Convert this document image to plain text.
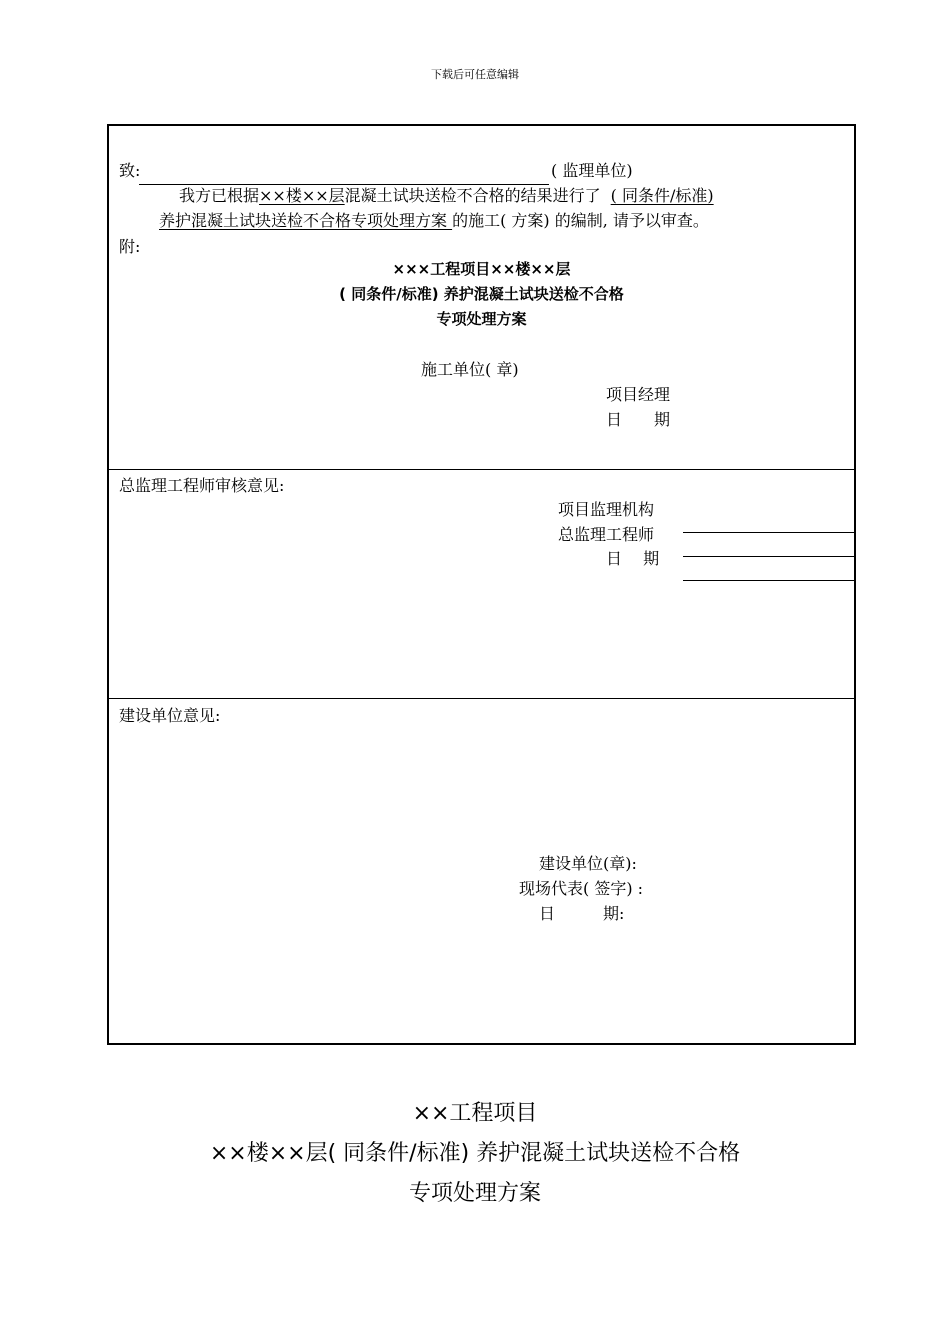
下载后可任意编辑
致:	( 监理单位)
我方已根据××楼××层混凝土试块送检不合格的结果进行了 ( 同条件/标准)
养护混凝土试块送检不合格专项处理方案 的施工( 方案) 的编制, 请予以审查。
附:
×××工程项目××楼××层
( 同条件/标准) 养护混凝土试块送检不合格
专项处理方案
施工单位( 章)
项目经理
日　　期
总监理工程师审核意见:
项目监理机构
总监理工程师
日　 期
建设单位意见:
建设单位(章):
现场代表( 签字) :
日　　　期:
××工程项目
××楼××层( 同条件/标准) 养护混凝土试块送检不合格
专项处理方案
